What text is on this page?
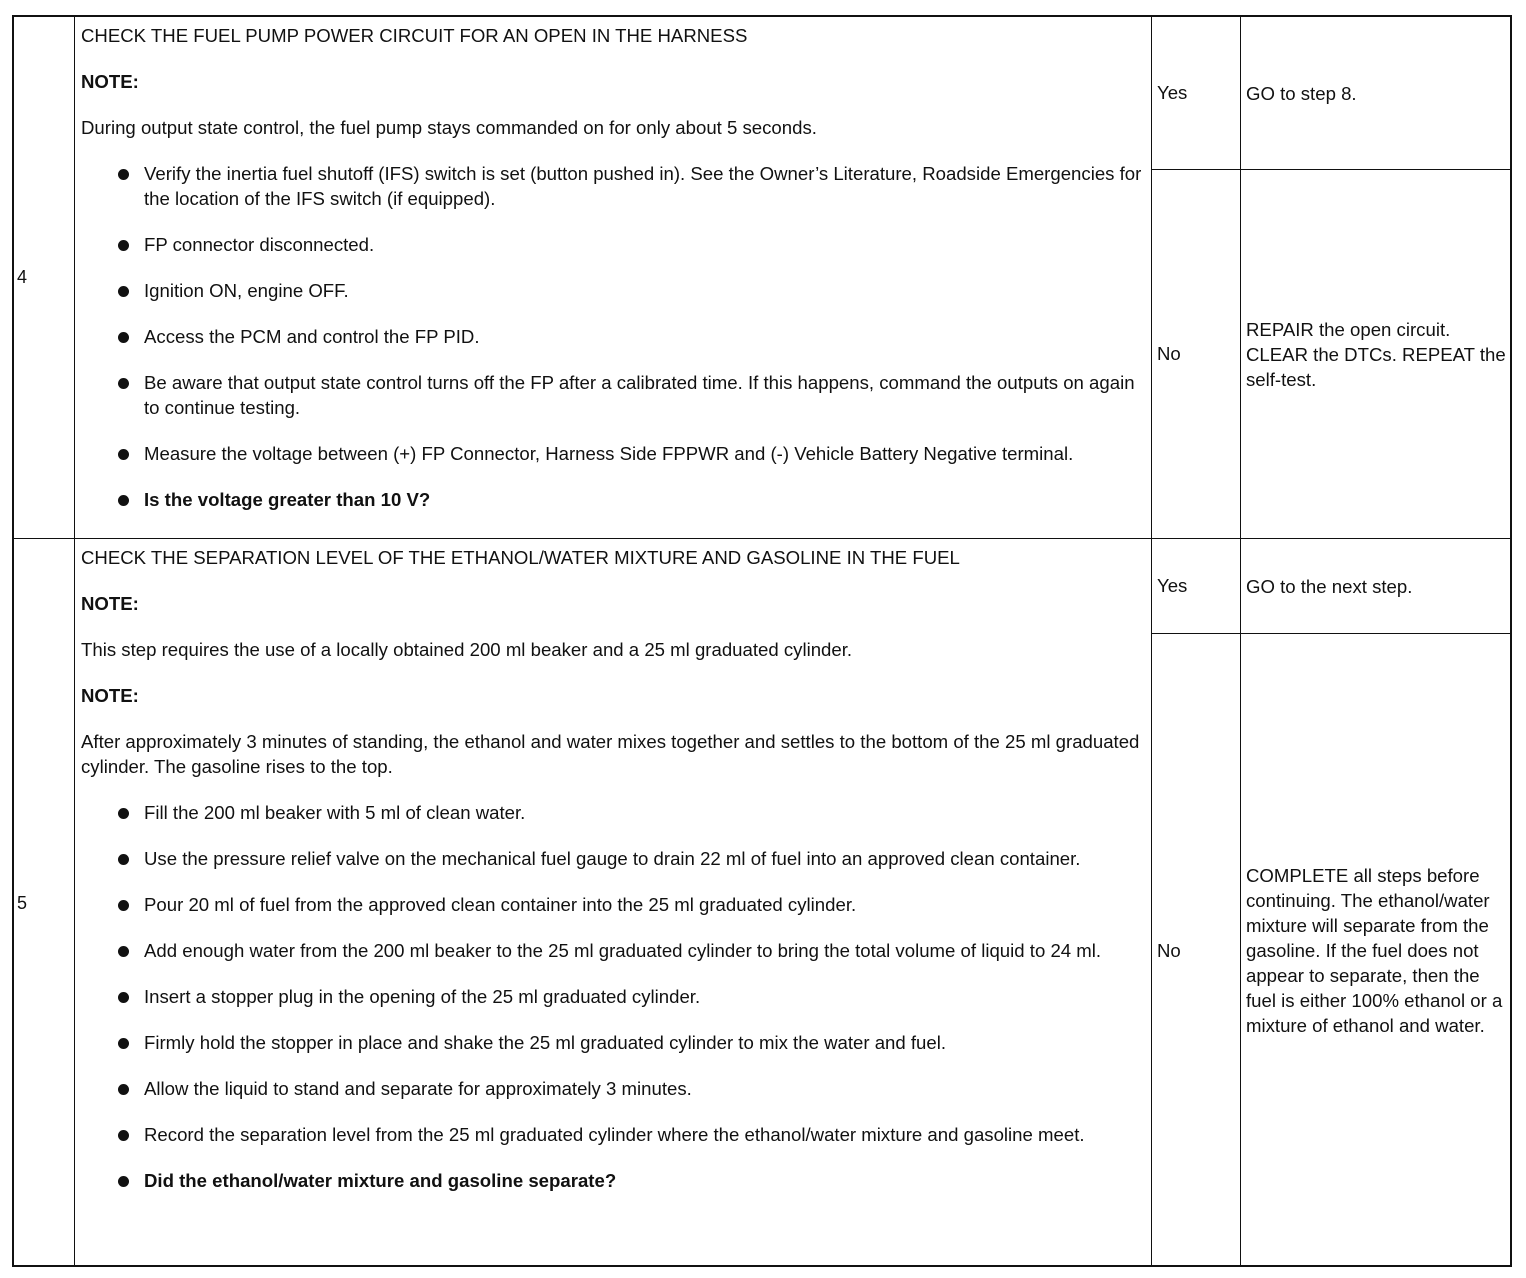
4

CHECK THE FUEL PUMP POWER CIRCUIT FOR AN OPEN IN THE HARNESS

NOTE:

During output state control, the fuel pump stays commanded on for only about 5 seconds.

Verify the inertia fuel shutoff (IFS) switch is set (button pushed in). See the Owner’s Literature, Roadside Emergencies for the location of the IFS switch (if equipped).
FP connector disconnected.
Ignition ON, engine OFF.
Access the PCM and control the FP PID.
Be aware that output state control turns off the FP after a calibrated time. If this happens, command the outputs on again to continue testing.
Measure the voltage between (+) FP Connector, Harness Side FPPWR and (-) Vehicle Battery Negative terminal.
Is the voltage greater than 10 V?
Yes	GO to step 8.
No
REPAIR the open circuit. CLEAR the DTCs. REPEAT the self-test.
5

CHECK THE SEPARATION LEVEL OF THE ETHANOL/WATER MIXTURE AND GASOLINE IN THE FUEL

NOTE:

This step requires the use of a locally obtained 200 ml beaker and a 25 ml graduated cylinder.

NOTE:

After approximately 3 minutes of standing, the ethanol and water mixes together and settles to the bottom of the 25 ml graduated cylinder. The gasoline rises to the top.

Fill the 200 ml beaker with 5 ml of clean water.
Use the pressure relief valve on the mechanical fuel gauge to drain 22 ml of fuel into an approved clean container.
Pour 20 ml of fuel from the approved clean container into the 25 ml graduated cylinder.
Add enough water from the 200 ml beaker to the 25 ml graduated cylinder to bring the total volume of liquid to 24 ml.
Insert a stopper plug in the opening of the 25 ml graduated cylinder.
Firmly hold the stopper in place and shake the 25 ml graduated cylinder to mix the water and fuel.
Allow the liquid to stand and separate for approximately 3 minutes.
Record the separation level from the 25 ml graduated cylinder where the ethanol/water mixture and gasoline meet.
Did the ethanol/water mixture and gasoline separate?
Yes	GO to the next step.
No
COMPLETE all steps before continuing. The ethanol/water mixture will separate from the gasoline. If the fuel does not appear to separate, then the fuel is either 100% ethanol or a mixture of ethanol and water.
